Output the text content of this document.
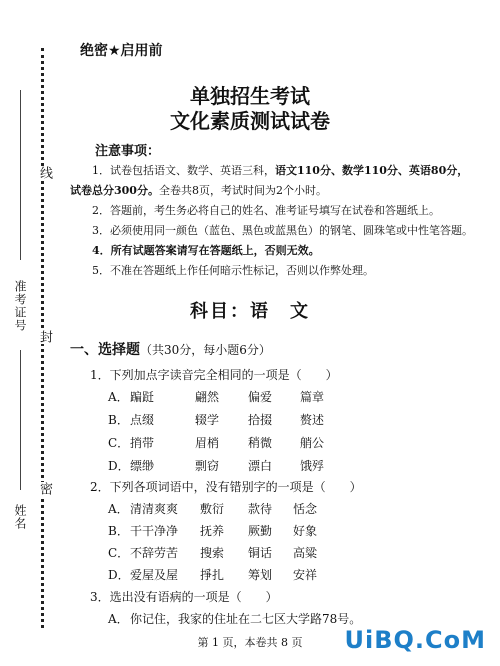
线
封
密
准考证号
姓名
绝密★启用前
单独招生考试
文化素质测试试卷
注意事项：
1．试卷包括语文、数学、英语三科，语文110分、数学110分、英语80分，
试卷总分300分。全卷共8页，考试时间为2个小时。
2．答题前，考生务必将自己的姓名、准考证号填写在试卷和答题纸上。
3．必须使用同一颜色（蓝色、黑色或蓝黑色）的钢笔、圆珠笔或中性笔答题。
4．所有试题答案请写在答题纸上，否则无效。
5．不准在答题纸上作任何暗示性标记，否则以作弊处理。
科目：语　文
一、选择题（共30分，每小题6分）
1．下列加点字读音完全相同的一项是（　　）
A． 蹁跹	翩然 偏爱 篇章
B． 点缀	辍学 拾掇 赘述
C． 捎带	眉梢 稍微 艄公
D． 缥缈	剽窃 漂白 饿殍
2．下列各项词语中，没有错别字的一项是（　　）
A． 清清爽爽 敷衍 款待 恬念
B． 干干净净 抚养 厥勤 好象
C． 不辞劳苦 搜索 铜话 高粱
D． 爱屋及屋 掙扎 筹划 安祥
3．选出没有语病的一项是（　　）
A． 你记住，我家的住址在二七区大学路78号。
第 1 页，本卷共 8 页	UiBQ.CoM
